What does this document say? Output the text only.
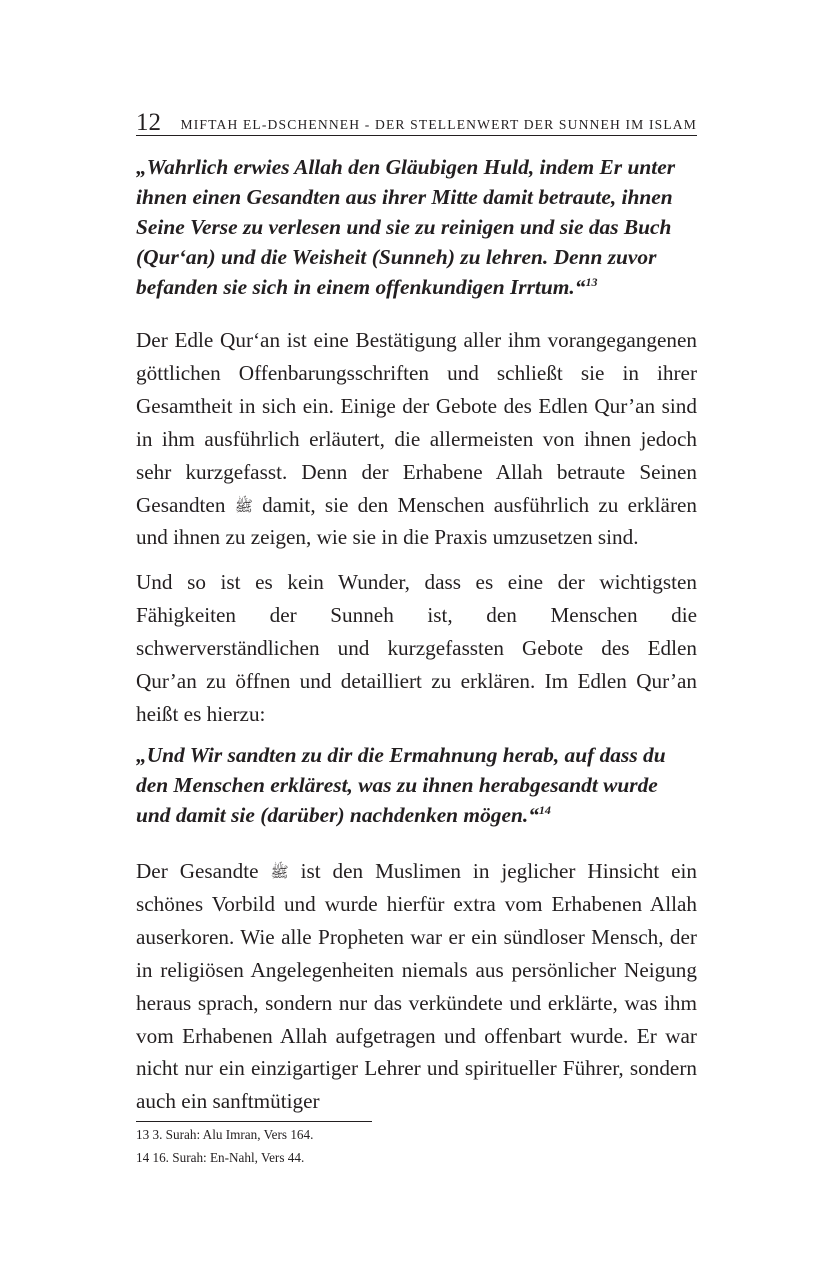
12 MIFTAH EL-DSCHENNEH - DER STELLENWERT DER SUNNEH IM ISLAM

„Wahrlich erwies Allah den Gläubigen Huld, indem Er unter ihnen einen Gesandten aus ihrer Mitte damit betraute, ihnen Seine Verse zu verlesen und sie zu reinigen und sie das Buch (Qur‘an) und die Weisheit (Sunneh) zu lehren. Denn zuvor befanden sie sich in einem offenkundigen Irrtum.“$^{13}$

Der Edle Qur‘an ist eine Bestätigung aller ihm vorangegangenen göttlichen Offenbarungsschriften und schließt sie in ihrer Gesamtheit in sich ein. Einige der Gebote des Edlen Qur’an sind in ihm ausführlich erläutert, die allermeisten von ihnen jedoch sehr kurzgefasst. Denn der Erhabene Allah betraute Seinen Gesandten ﷺ damit, sie den Menschen ausführlich zu erklären und ihnen zu zeigen, wie sie in die Praxis umzusetzen sind.

Und so ist es kein Wunder, dass es eine der wichtigsten Fähigkeiten der Sunneh ist, den Menschen die schwerverständlichen und kurzgefassten Gebote des Edlen Qur’an zu öffnen und detailliert zu erklären. Im Edlen Qur’an heißt es hierzu:

„Und Wir sandten zu dir die Ermahnung herab, auf dass du den Menschen erklärest, was zu ihnen herabgesandt wurde und damit sie (darüber) nachdenken mögen.“$^{14}$

Der Gesandte ﷺ ist den Muslimen in jeglicher Hinsicht ein schönes Vorbild und wurde hierfür extra vom Erhabenen Allah auserkoren. Wie alle Propheten war er ein sündloser Mensch, der in religiösen Angelegenheiten niemals aus persönlicher Neigung heraus sprach, sondern nur das verkündete und erklärte, was ihm vom Erhabenen Allah aufgetragen und offenbart wurde. Er war nicht nur ein einzigartiger Lehrer und spiritueller Führer, sondern auch ein sanftmütiger

13 3. Surah: Alu Imran, Vers 164.
14 16. Surah: En-Nahl, Vers 44.
